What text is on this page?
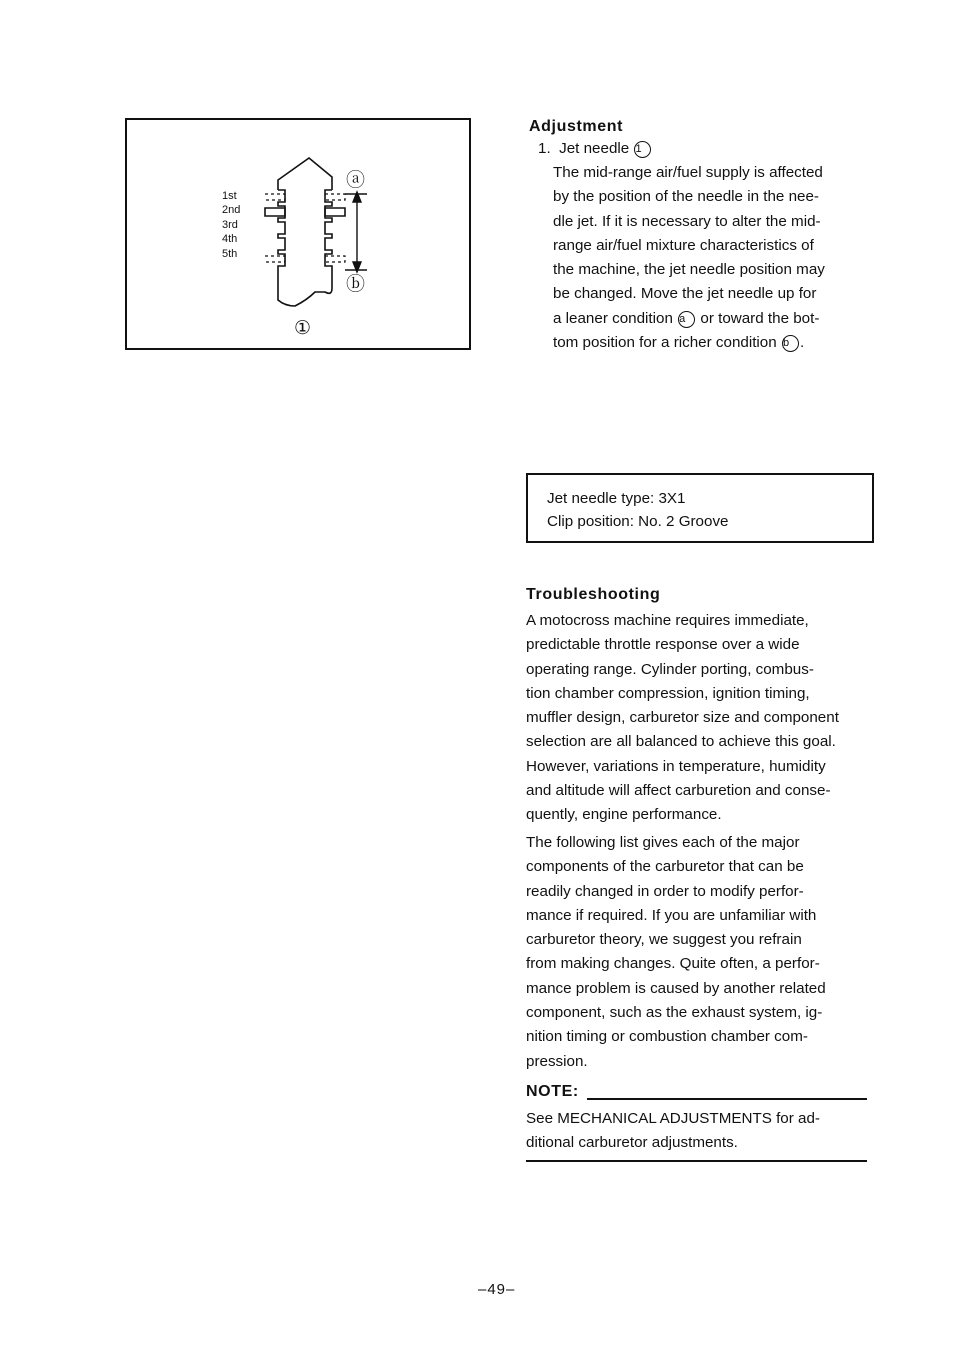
1st
2nd
3rd
4th
5th
ⓐ
ⓑ
①
Adjustment
1. Jet needle 1
The mid-range air/fuel supply is affected
by the position of the needle in the nee-
dle jet. If it is necessary to alter the mid-
range air/fuel mixture characteristics of
the machine, the jet needle position may
be changed. Move the jet needle up for
a leaner condition a or toward the bot-
tom position for a richer condition b .
Jet needle type: 3X1
Clip position: No. 2 Groove
Troubleshooting
A motocross machine requires immediate,
predictable throttle response over a wide
operating range. Cylinder porting, combus-
tion chamber compression, ignition timing,
muffler design, carburetor size and component
selection are all balanced to achieve this goal.
However, variations in temperature, humidity
and altitude will affect carburetion and conse-
quently, engine performance.
The following list gives each of the major
components of the carburetor that can be
readily changed in order to modify perfor-
mance if required. If you are unfamiliar with
carburetor theory, we suggest you refrain
from making changes. Quite often, a perfor-
mance problem is caused by another related
component, such as the exhaust system, ig-
nition timing or combustion chamber com-
pression.
NOTE:
See MECHANICAL ADJUSTMENTS for ad-
ditional carburetor adjustments.
–49–
